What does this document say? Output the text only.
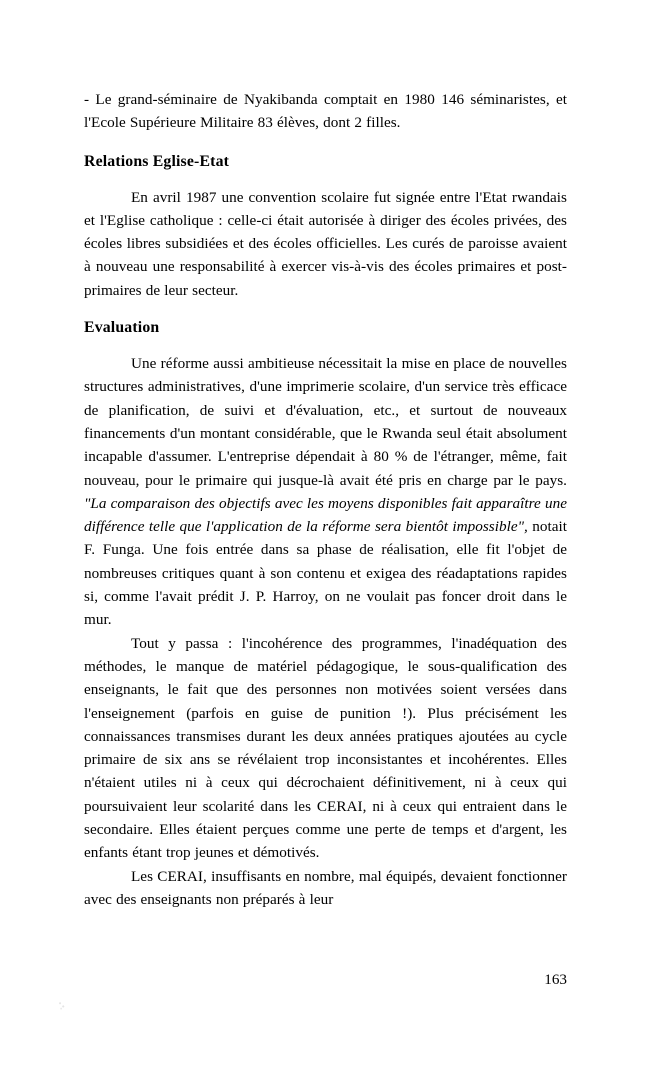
- Le grand-séminaire de Nyakibanda comptait en 1980 146 séminaristes, et l'Ecole Supérieure Militaire 83 élèves, dont 2 filles.

Relations Eglise-Etat

En avril 1987 une convention scolaire fut signée entre l'Etat rwandais et l'Eglise catholique : celle-ci était autorisée à diriger des écoles privées, des écoles libres subsidiées et des écoles officielles. Les curés de paroisse avaient à nouveau une responsabilité à exercer vis-à-vis des écoles primaires et post-primaires de leur secteur.

Evaluation

Une réforme aussi ambitieuse nécessitait la mise en place de nouvelles structures administratives, d'une imprimerie scolaire, d'un service très efficace de planification, de suivi et d'évaluation, etc., et surtout de nouveaux financements d'un montant considérable, que le Rwanda seul était absolument incapable d'assumer. L'entreprise dépendait à 80 % de l'étranger, même, fait nouveau, pour le primaire qui jusque-là avait été pris en charge par le pays. "La comparaison des objectifs avec les moyens disponibles fait apparaître une différence telle que l'application de la réforme sera bientôt impossible", notait F. Funga. Une fois entrée dans sa phase de réalisation, elle fit l'objet de nombreuses critiques quant à son contenu et exigea des réadaptations rapides si, comme l'avait prédit J. P. Harroy, on ne voulait pas foncer droit dans le mur.

Tout y passa : l'incohérence des programmes, l'inadéquation des méthodes, le manque de matériel pédagogique, le sous-qualification des enseignants, le fait que des personnes non motivées soient versées dans l'enseignement (parfois en guise de punition !). Plus précisément les connaissances transmises durant les deux années pratiques ajoutées au cycle primaire de six ans se révélaient trop inconsistantes et incohérentes. Elles n'étaient utiles ni à ceux qui décrochaient définitivement, ni à ceux qui poursuivaient leur scolarité dans les CERAI, ni à ceux qui entraient dans le secondaire. Elles étaient perçues comme une perte de temps et d'argent, les enfants étant trop jeunes et démotivés.

Les CERAI, insuffisants en nombre, mal équipés, devaient fonctionner avec des enseignants non préparés à leur

163
